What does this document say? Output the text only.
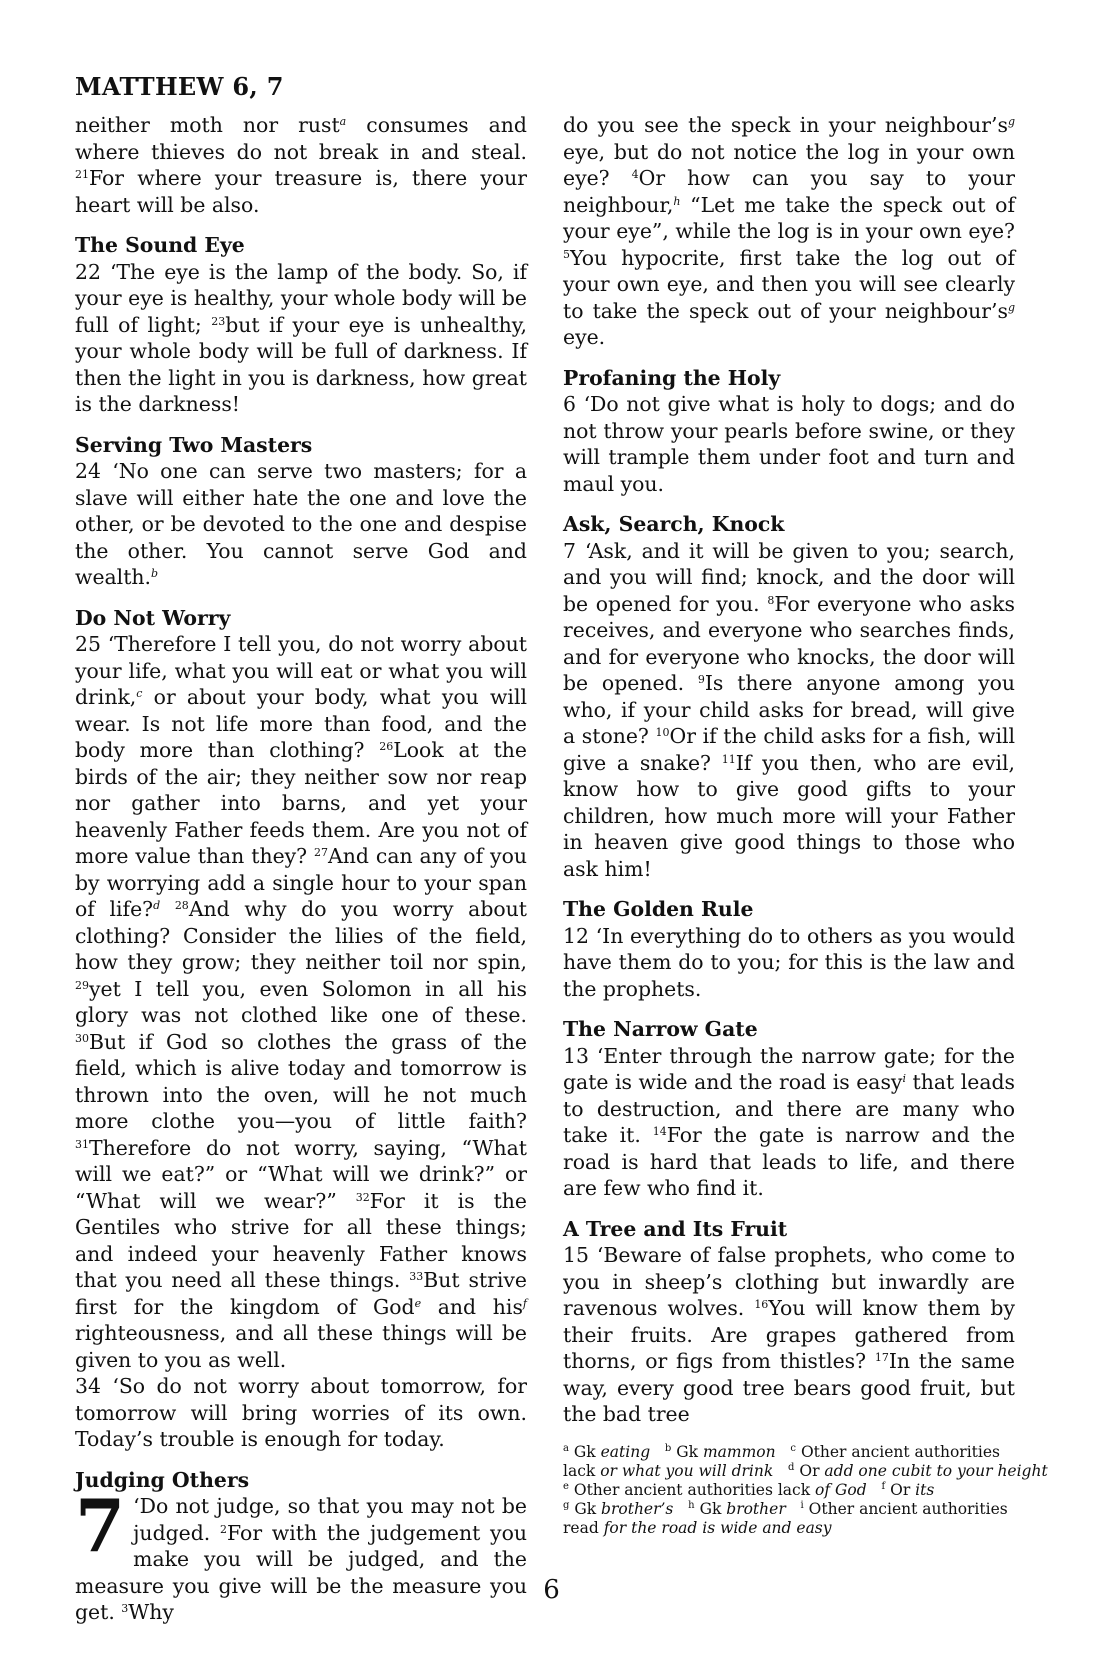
MATTHEW 6, 7

neither moth nor rust$^a$ consumes and where thieves do not break in and steal. $^{21}$For where your treasure is, there your heart will be also.

The Sound Eye

22 ‘The eye is the lamp of the body. So, if your eye is healthy, your whole body will be full of light; $^{23}$but if your eye is unhealthy, your whole body will be full of darkness. If then the light in you is darkness, how great is the darkness!

Serving Two Masters

24 ‘No one can serve two masters; for a slave will either hate the one and love the other, or be devoted to the one and despise the other. You cannot serve God and wealth.$^b$

Do Not Worry

25 ‘Therefore I tell you, do not worry about your life, what you will eat or what you will drink,$^c$ or about your body, what you will wear. Is not life more than food, and the body more than clothing? $^{26}$Look at the birds of the air; they neither sow nor reap nor gather into barns, and yet your heavenly Father feeds them. Are you not of more value than they? $^{27}$And can any of you by worrying add a single hour to your span of life?$^d$ $^{28}$And why do you worry about clothing? Consider the lilies of the field, how they grow; they neither toil nor spin, $^{29}$yet I tell you, even Solomon in all his glory was not clothed like one of these. $^{30}$But if God so clothes the grass of the field, which is alive today and tomorrow is thrown into the oven, will he not much more clothe you—you of little faith? $^{31}$Therefore do not worry, saying, “What will we eat?” or “What will we drink?” or “What will we wear?” $^{32}$For it is the Gentiles who strive for all these things; and indeed your heavenly Father knows that you need all these things. $^{33}$But strive first for the kingdom of God$^e$ and his$^f$ righteousness, and all these things will be given to you as well.

34 ‘So do not worry about tomorrow, for tomorrow will bring worries of its own. Today’s trouble is enough for today.

Judging Others

7 ‘Do not judge, so that you may not be judged. $^2$For with the judgement you make you will be judged, and the measure you give will be the measure you get. $^3$Why

do you see the speck in your neighbour’s$^g$ eye, but do not notice the log in your own eye? $^4$Or how can you say to your neighbour,$^h$ “Let me take the speck out of your eye”, while the log is in your own eye? $^5$You hypocrite, first take the log out of your own eye, and then you will see clearly to take the speck out of your neighbour’s$^g$ eye.

Profaning the Holy

6 ‘Do not give what is holy to dogs; and do not throw your pearls before swine, or they will trample them under foot and turn and maul you.

Ask, Search, Knock

7 ‘Ask, and it will be given to you; search, and you will find; knock, and the door will be opened for you. $^8$For everyone who asks receives, and everyone who searches finds, and for everyone who knocks, the door will be opened. $^9$Is there anyone among you who, if your child asks for bread, will give a stone? $^{10}$Or if the child asks for a fish, will give a snake? $^{11}$If you then, who are evil, know how to give good gifts to your children, how much more will your Father in heaven give good things to those who ask him!

The Golden Rule

12 ‘In everything do to others as you would have them do to you; for this is the law and the prophets.

The Narrow Gate

13 ‘Enter through the narrow gate; for the gate is wide and the road is easy$^i$ that leads to destruction, and there are many who take it. $^{14}$For the gate is narrow and the road is hard that leads to life, and there are few who find it.

A Tree and Its Fruit

15 ‘Beware of false prophets, who come to you in sheep’s clothing but inwardly are ravenous wolves. $^{16}$You will know them by their fruits. Are grapes gathered from thorns, or figs from thistles? $^{17}$In the same way, every good tree bears good fruit, but the bad tree

$^a$ Gk eating $^b$ Gk mammon $^c$ Other ancient authorities
lack or what you will drink $^d$ Or add one cubit to your height
$^e$ Other ancient authorities lack of God $^f$ Or its
$^g$ Gk brother’s $^h$ Gk brother $^i$ Other ancient authorities
read for the road is wide and easy
6
